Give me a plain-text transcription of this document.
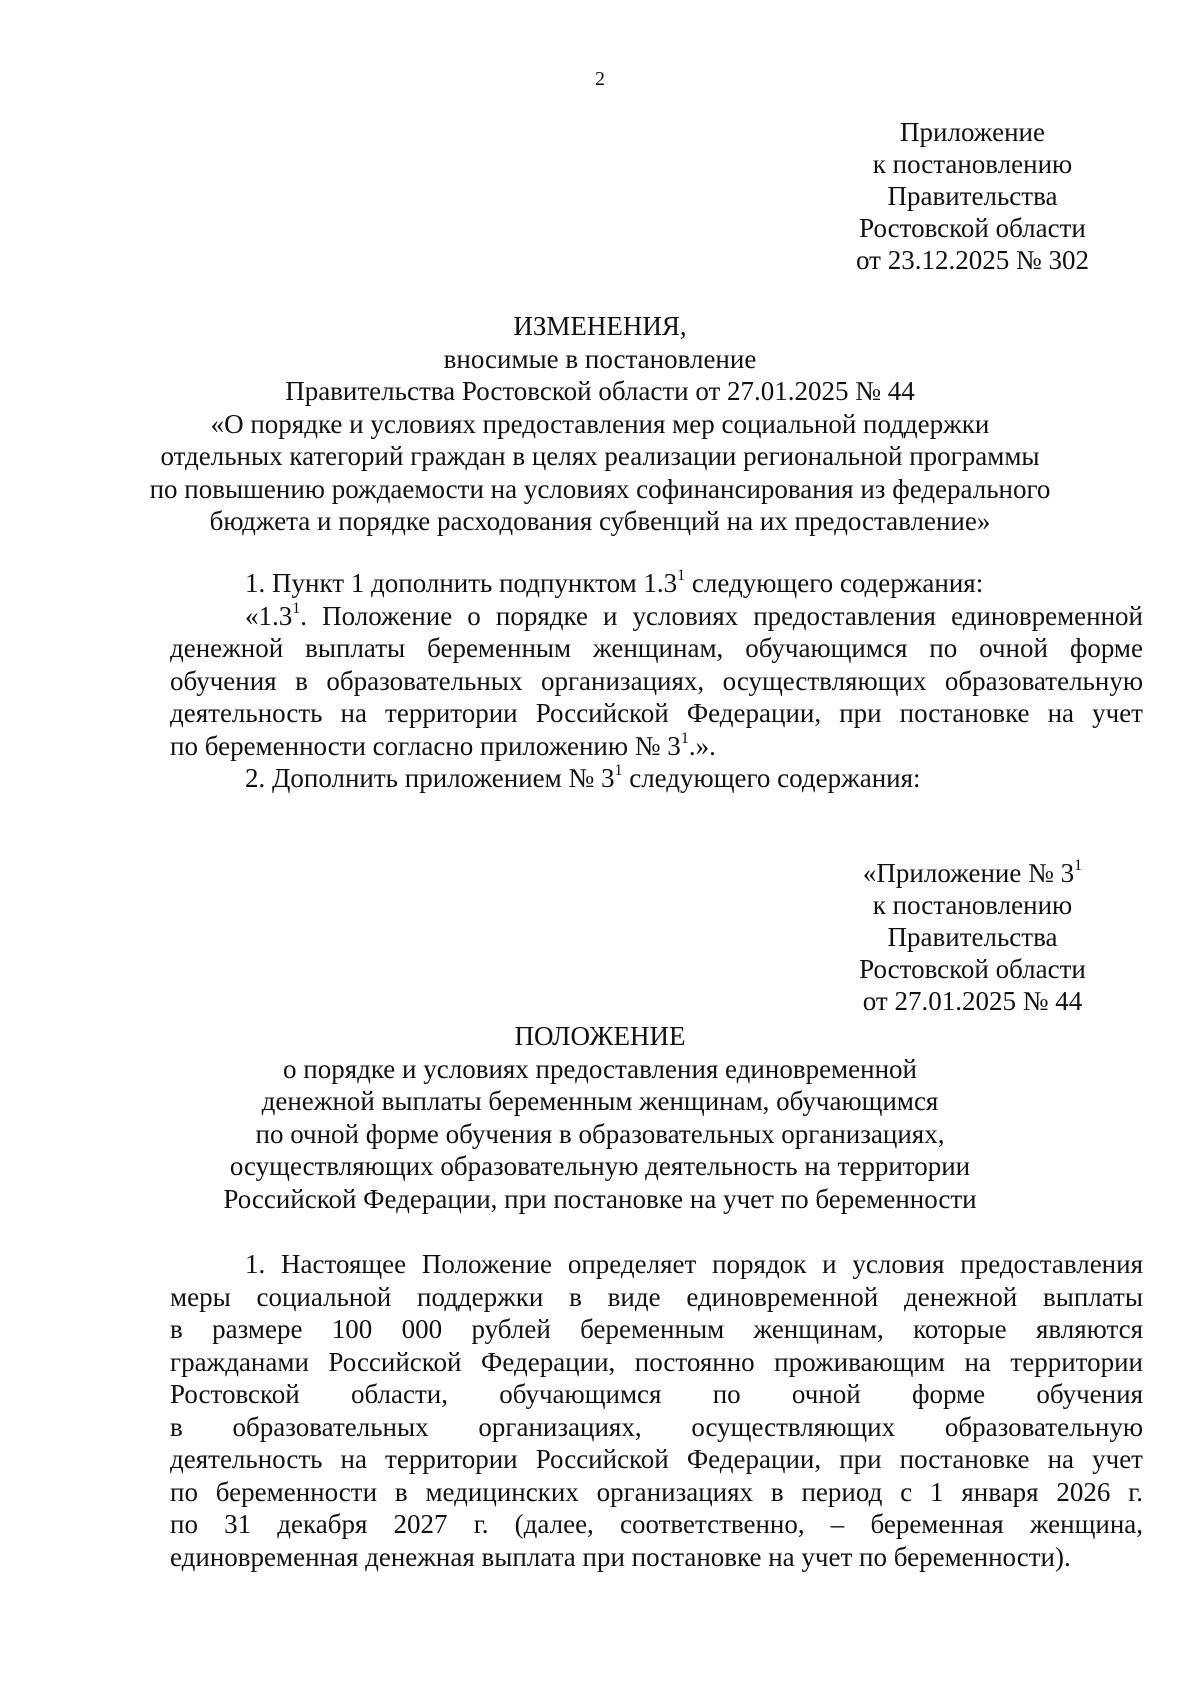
2
Приложение
к постановлению
Правительства
Ростовской области
от 23.12.2025 № 302
ИЗМЕНЕНИЯ,
вносимые в постановление
Правительства Ростовской области от 27.01.2025 № 44
«О порядке и условиях предоставления мер социальной поддержки
отдельных категорий граждан в целях реализации региональной программы
по повышению рождаемости на условиях софинансирования из федерального
бюджета и порядке расходования субвенций на их предоставление»
1. Пункт 1 дополнить подпунктом $1.3^1$ следующего содержания:
«$1.3^1$. Положение о порядке и условиях предоставления единовременной
денежной выплаты беременным женщинам, обучающимся по очной форме
обучения в образовательных организациях, осуществляющих образовательную
деятельность на территории Российской Федерации, при постановке на учет
по беременности согласно приложению № $3^1$.».
2. Дополнить приложением № $3^1$ следующего содержания:
«Приложение № $3^1$
к постановлению
Правительства
Ростовской области
от 27.01.2025 № 44
ПОЛОЖЕНИЕ
о порядке и условиях предоставления единовременной
денежной выплаты беременным женщинам, обучающимся
по очной форме обучения в образовательных организациях,
осуществляющих образовательную деятельность на территории
Российской Федерации, при постановке на учет по беременности
1. Настоящее Положение определяет порядок и условия предоставления
меры социальной поддержки в виде единовременной денежной выплаты
в размере 100 000 рублей беременным женщинам, которые являются
гражданами Российской Федерации, постоянно проживающим на территории
Ростовской области, обучающимся по очной форме обучения
в образовательных организациях, осуществляющих образовательную
деятельность на территории Российской Федерации, при постановке на учет
по беременности в медицинских организациях в период с 1 января 2026 г.
по 31 декабря 2027 г. (далее, соответственно, – беременная женщина,
единовременная денежная выплата при постановке на учет по беременности).
